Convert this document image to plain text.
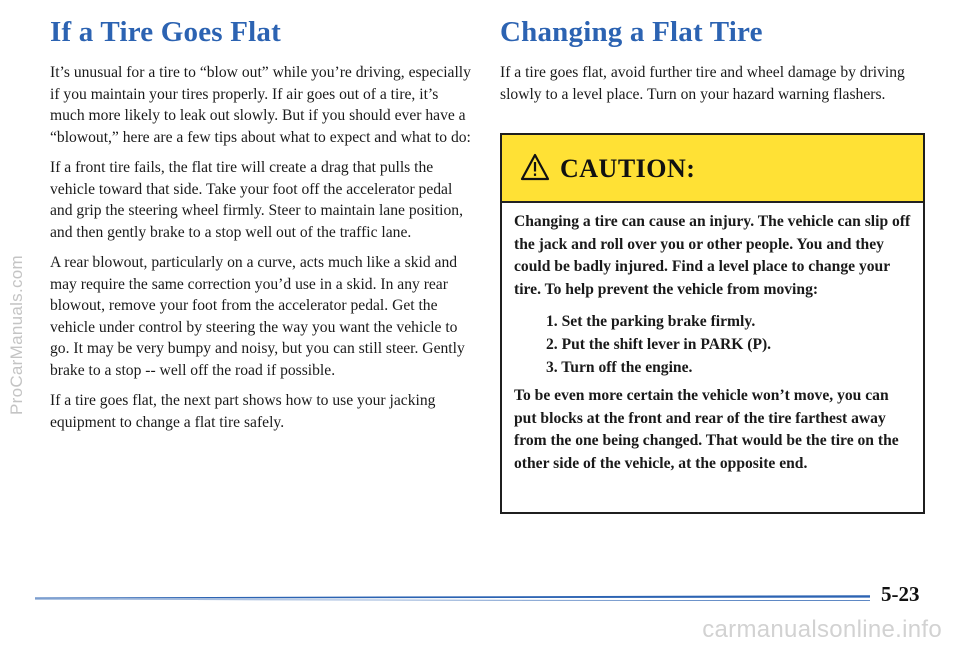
ProCarManuals.com
If a Tire Goes Flat

It’s unusual for a tire to “blow out” while you’re driving, especially if you maintain your tires properly. If air goes out of a tire, it’s much more likely to leak out slowly. But if you should ever have a “blowout,” here are a few tips about what to expect and what to do:

If a front tire fails, the flat tire will create a drag that pulls the vehicle toward that side. Take your foot off the accelerator pedal and grip the steering wheel firmly. Steer to maintain lane position, and then gently brake to a stop well out of the traffic lane.

A rear blowout, particularly on a curve, acts much like a skid and may require the same correction you’d use in a skid. In any rear blowout, remove your foot from the accelerator pedal. Get the vehicle under control by steering the way you want the vehicle to go. It may be very bumpy and noisy, but you can still steer. Gently brake to a stop -- well off the road if possible.

If a tire goes flat, the next part shows how to use your jacking equipment to change a flat tire safely.

Changing a Flat Tire

If a tire goes flat, avoid further tire and wheel damage by driving slowly to a level place. Turn on your hazard warning flashers.

CAUTION:

Changing a tire can cause an injury. The vehicle can slip off the jack and roll over you or other people. You and they could be badly injured. Find a level place to change your tire. To help prevent the vehicle from moving:

1. Set the parking brake firmly.
2. Put the shift lever in PARK (P).
3. Turn off the engine.

To be even more certain the vehicle won’t move, you can put blocks at the front and rear of the tire farthest away from the one being changed. That would be the tire on the other side of the vehicle, at the opposite end.

5-23
carmanualsonline.info
